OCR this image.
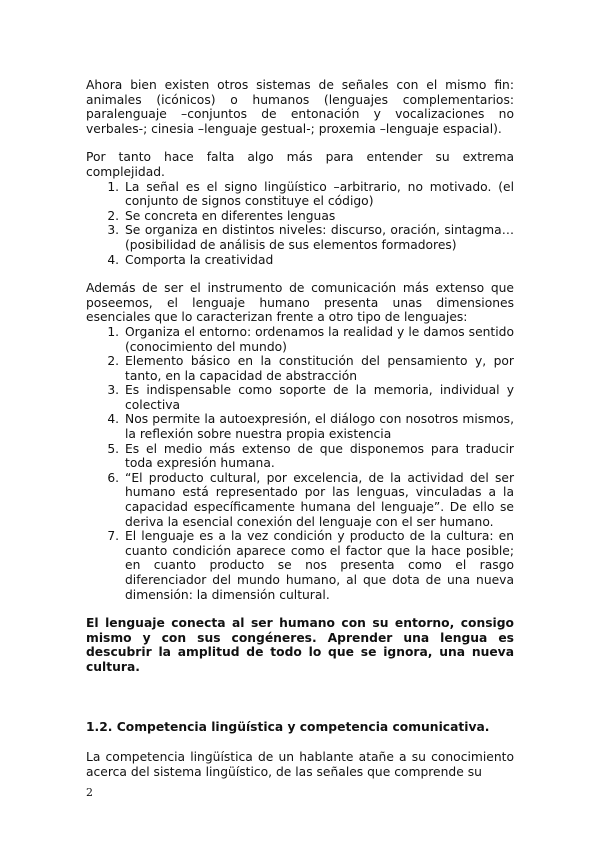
Ahora bien existen otros sistemas de señales con el mismo fin: animales (icónicos) o humanos (lenguajes complementarios: paralenguaje –conjuntos de entonación y vocalizaciones no verbales-; cinesia –lenguaje gestual-; proxemia –lenguaje espacial).

Por tanto hace falta algo más para entender su extrema complejidad.

1. La señal es el signo lingüístico –arbitrario, no motivado. (el conjunto de signos constituye el código)
2. Se concreta en diferentes lenguas
3. Se organiza en distintos niveles: discurso, oración, sintagma… (posibilidad de análisis de sus elementos formadores)
4. Comporta la creatividad

Además de ser el instrumento de comunicación más extenso que poseemos, el lenguaje humano presenta unas dimensiones esenciales que lo caracterizan frente a otro tipo de lenguajes:

1. Organiza el entorno: ordenamos la realidad y le damos sentido (conocimiento del mundo)
2. Elemento básico en la constitución del pensamiento y, por tanto, en la capacidad de abstracción
3. Es indispensable como soporte de la memoria, individual y colectiva
4. Nos permite la autoexpresión, el diálogo con nosotros mismos, la reflexión sobre nuestra propia existencia
5. Es el medio más extenso de que disponemos para traducir toda expresión humana.
6. “El producto cultural, por excelencia, de la actividad del ser humano está representado por las lenguas, vinculadas a la capacidad específicamente humana del lenguaje”. De ello se deriva la esencial conexión del lenguaje con el ser humano.
7. El lenguaje es a la vez condición y producto de la cultura: en cuanto condición aparece como el factor que la hace posible; en cuanto producto se nos presenta como el rasgo diferenciador del mundo humano, al que dota de una nueva dimensión: la dimensión cultural.

El lenguaje conecta al ser humano con su entorno, consigo mismo y con sus congéneres. Aprender una lengua es descubrir la amplitud de todo lo que se ignora, una nueva cultura.

1.2. Competencia lingüística y competencia comunicativa.

La competencia lingüística de un hablante atañe a su conocimiento acerca del sistema lingüístico, de las señales que comprende su

2
